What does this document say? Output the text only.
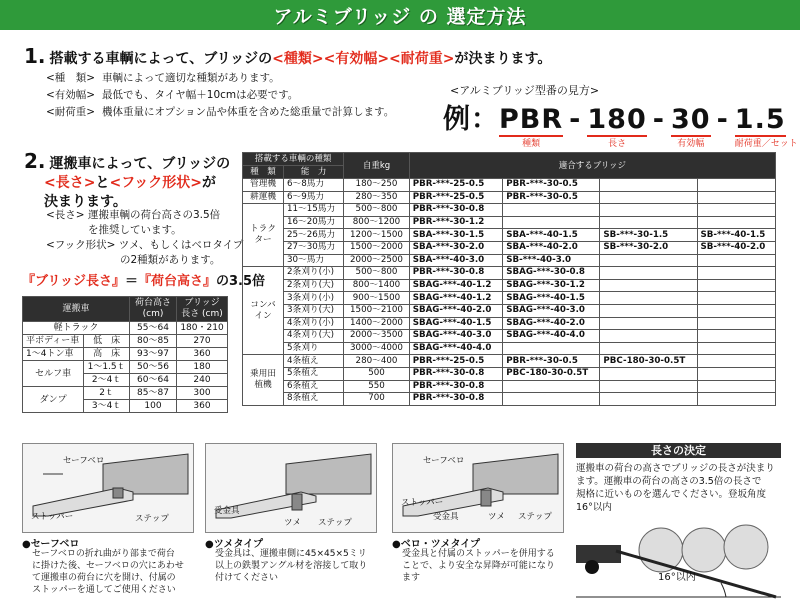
アルミブリッジ の 選定方法
1. 搭載する車輌によって、ブリッジの<種類><有効幅><耐荷重>が決まります。
<種　類> 車輌によって適切な種類があります。
<有効幅> 最低でも、タイヤ幅＋10cmは必要です。
<耐荷重> 機体重量にオプション品や体重を含めた総重量で計算します。
<アルミブリッジ型番の見方>
例：PBR
種類
- 180
長さ
- 30
有効幅
- 1.5
耐荷重／セット
2. 運搬車によって、ブリッジの
<長さ>と<フック形状>が
決まります。
<長さ> 運搬車輌の荷台高さの3.5倍
を推奨しています。
<フック形状> ツメ、もしくはベロタイプ
の2種類があります。
『ブリッジ長さ』＝『荷台高さ』の3.5倍
運搬車		荷台高さ (cm)	ブリッジ長さ (cm)
軽トラック		55〜64	180・210
平ボディー車	低　床	80〜85	270
1〜4トン車	高　床	93〜97	360
セルフ車	1〜1.5ｔ	50〜56	180
	2〜4ｔ	60〜64	240
ダンプ	2ｔ	85〜87	300
	3〜4ｔ	100	360
搭載する車輌の種類		自重kg	適合するブリッジ			
種　類	能　力					
管理機	6〜8馬力	180〜250	PBR-***-25-0.5	PBR-***-30-0.5		
耕運機	6〜9馬力	280〜350	PBR-***-25-0.5	PBR-***-30-0.5		
トラクター	11〜15馬力	500〜800	PBR-***-30-0.8			
	16〜20馬力	800〜1200	PBR-***-30-1.2			
	25〜26馬力	1200〜1500	SBA-***-30-1.5	SBA-***-40-1.5	SB-***-30-1.5	SB-***-40-1.5
	27〜30馬力	1500〜2000	SBA-***-30-2.0	SBA-***-40-2.0	SB-***-30-2.0	SB-***-40-2.0
	30〜馬力	2000〜2500	SBA-***-40-3.0	SB-***-40-3.0		
コンバイン	2条刈り(小)	500〜800	PBR-***-30-0.8	SBAG-***-30-0.8		
	2条刈り(大)	800〜1400	SBAG-***-40-1.2	SBAG-***-30-1.2		
	3条刈り(小)	900〜1500	SBAG-***-40-1.2	SBAG-***-40-1.5		
	3条刈り(大)	1500〜2100	SBAG-***-40-2.0	SBAG-***-40-3.0		
	4条刈り(小)	1400〜2000	SBAG-***-40-1.5	SBAG-***-40-2.0		
	4条刈り(大)	2000〜3500	SBAG-***-40-3.0	SBAG-***-40-4.0		
	5条刈り	3000〜4000	SBAG-***-40-4.0			
乗用田植機	4条植え	280〜400	PBR-***-25-0.5	PBR-***-30-0.5	PBC-180-30-0.5T	
	5条植え	500	PBR-***-30-0.8	PBC-180-30-0.5T		
	6条植え	550	PBR-***-30-0.8			
	8条植え	700	PBR-***-30-0.8			
セーフベロ
ストッパー	ステップ
●セーフベロ
セーフベロの折れ曲がり部まで荷台
に掛けた後、セーフベロの穴にあわせ
て運搬車の荷台に穴を開け、付属の
ストッパーを通してご使用ください
受金具
ツメ ステップ
●ツメタイプ
受金具は、運搬車側に45×45×5ミリ
以上の鉄製アングル材を溶接して取り
付けてください
セーフベロ
ストッパー
受金具	ツメ ステップ
●ベロ・ツメタイプ
受金具と付属のストッパーを併用する
ことで、より安全な昇降が可能になり
ます
長さの決定
運搬車の荷台の高さでブリッジの長さが決まり
ます。運搬車の荷台の高さの3.5倍の長さで
規格に近いものを選んでください。登坂角度
16°以内
16°以内
